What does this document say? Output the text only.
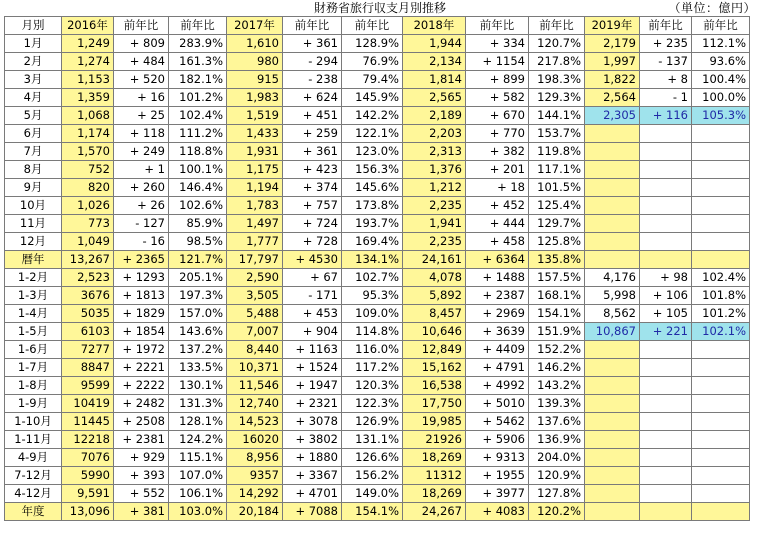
財務省旅行収支月別推移	（単位：億円）
月別	2016年	前年比	前年比	2017年	前年比	前年比	2018年	前年比	前年比	2019年	前年比	前年比
1月	1,249	+ 809	283.9%	1,610	+ 361	128.9%	1,944	+ 334	120.7%	2,179	+ 235	112.1%
2月	1,274	+ 484	161.3%	980	- 294	76.9%	2,134	+ 1154	217.8%	1,997	- 137	93.6%
3月	1,153	+ 520	182.1%	915	- 238	79.4%	1,814	+ 899	198.3%	1,822	+ 8	100.4%
4月	1,359	+ 16	101.2%	1,983	+ 624	145.9%	2,565	+ 582	129.3%	2,564	- 1	100.0%
5月	1,068	+ 25	102.4%	1,519	+ 451	142.2%	2,189	+ 670	144.1%	2,305	+ 116	105.3%
6月	1,174	+ 118	111.2%	1,433	+ 259	122.1%	2,203	+ 770	153.7%			
7月	1,570	+ 249	118.8%	1,931	+ 361	123.0%	2,313	+ 382	119.8%			
8月	752	+ 1	100.1%	1,175	+ 423	156.3%	1,376	+ 201	117.1%			
9月	820	+ 260	146.4%	1,194	+ 374	145.6%	1,212	+ 18	101.5%			
10月	1,026	+ 26	102.6%	1,783	+ 757	173.8%	2,235	+ 452	125.4%			
11月	773	- 127	85.9%	1,497	+ 724	193.7%	1,941	+ 444	129.7%			
12月	1,049	- 16	98.5%	1,777	+ 728	169.4%	2,235	+ 458	125.8%			
暦年	13,267	+ 2365	121.7%	17,797	+ 4530	134.1%	24,161	+ 6364	135.8%			
1-2月	2,523	+ 1293	205.1%	2,590	+ 67	102.7%	4,078	+ 1488	157.5%	4,176	+ 98	102.4%
1-3月	3676	+ 1813	197.3%	3,505	- 171	95.3%	5,892	+ 2387	168.1%	5,998	+ 106	101.8%
1-4月	5035	+ 1829	157.0%	5,488	+ 453	109.0%	8,457	+ 2969	154.1%	8,562	+ 105	101.2%
1-5月	6103	+ 1854	143.6%	7,007	+ 904	114.8%	10,646	+ 3639	151.9%	10,867	+ 221	102.1%
1-6月	7277	+ 1972	137.2%	8,440	+ 1163	116.0%	12,849	+ 4409	152.2%			
1-7月	8847	+ 2221	133.5%	10,371	+ 1524	117.2%	15,162	+ 4791	146.2%			
1-8月	9599	+ 2222	130.1%	11,546	+ 1947	120.3%	16,538	+ 4992	143.2%			
1-9月	10419	+ 2482	131.3%	12,740	+ 2321	122.3%	17,750	+ 5010	139.3%			
1-10月	11445	+ 2508	128.1%	14,523	+ 3078	126.9%	19,985	+ 5462	137.6%			
1-11月	12218	+ 2381	124.2%	16020	+ 3802	131.1%	21926	+ 5906	136.9%			
4-9月	7076	+ 929	115.1%	8,956	+ 1880	126.6%	18,269	+ 9313	204.0%			
7-12月	5990	+ 393	107.0%	9357	+ 3367	156.2%	11312	+ 1955	120.9%			
4-12月	9,591	+ 552	106.1%	14,292	+ 4701	149.0%	18,269	+ 3977	127.8%			
年度	13,096	+ 381	103.0%	20,184	+ 7088	154.1%	24,267	+ 4083	120.2%			
